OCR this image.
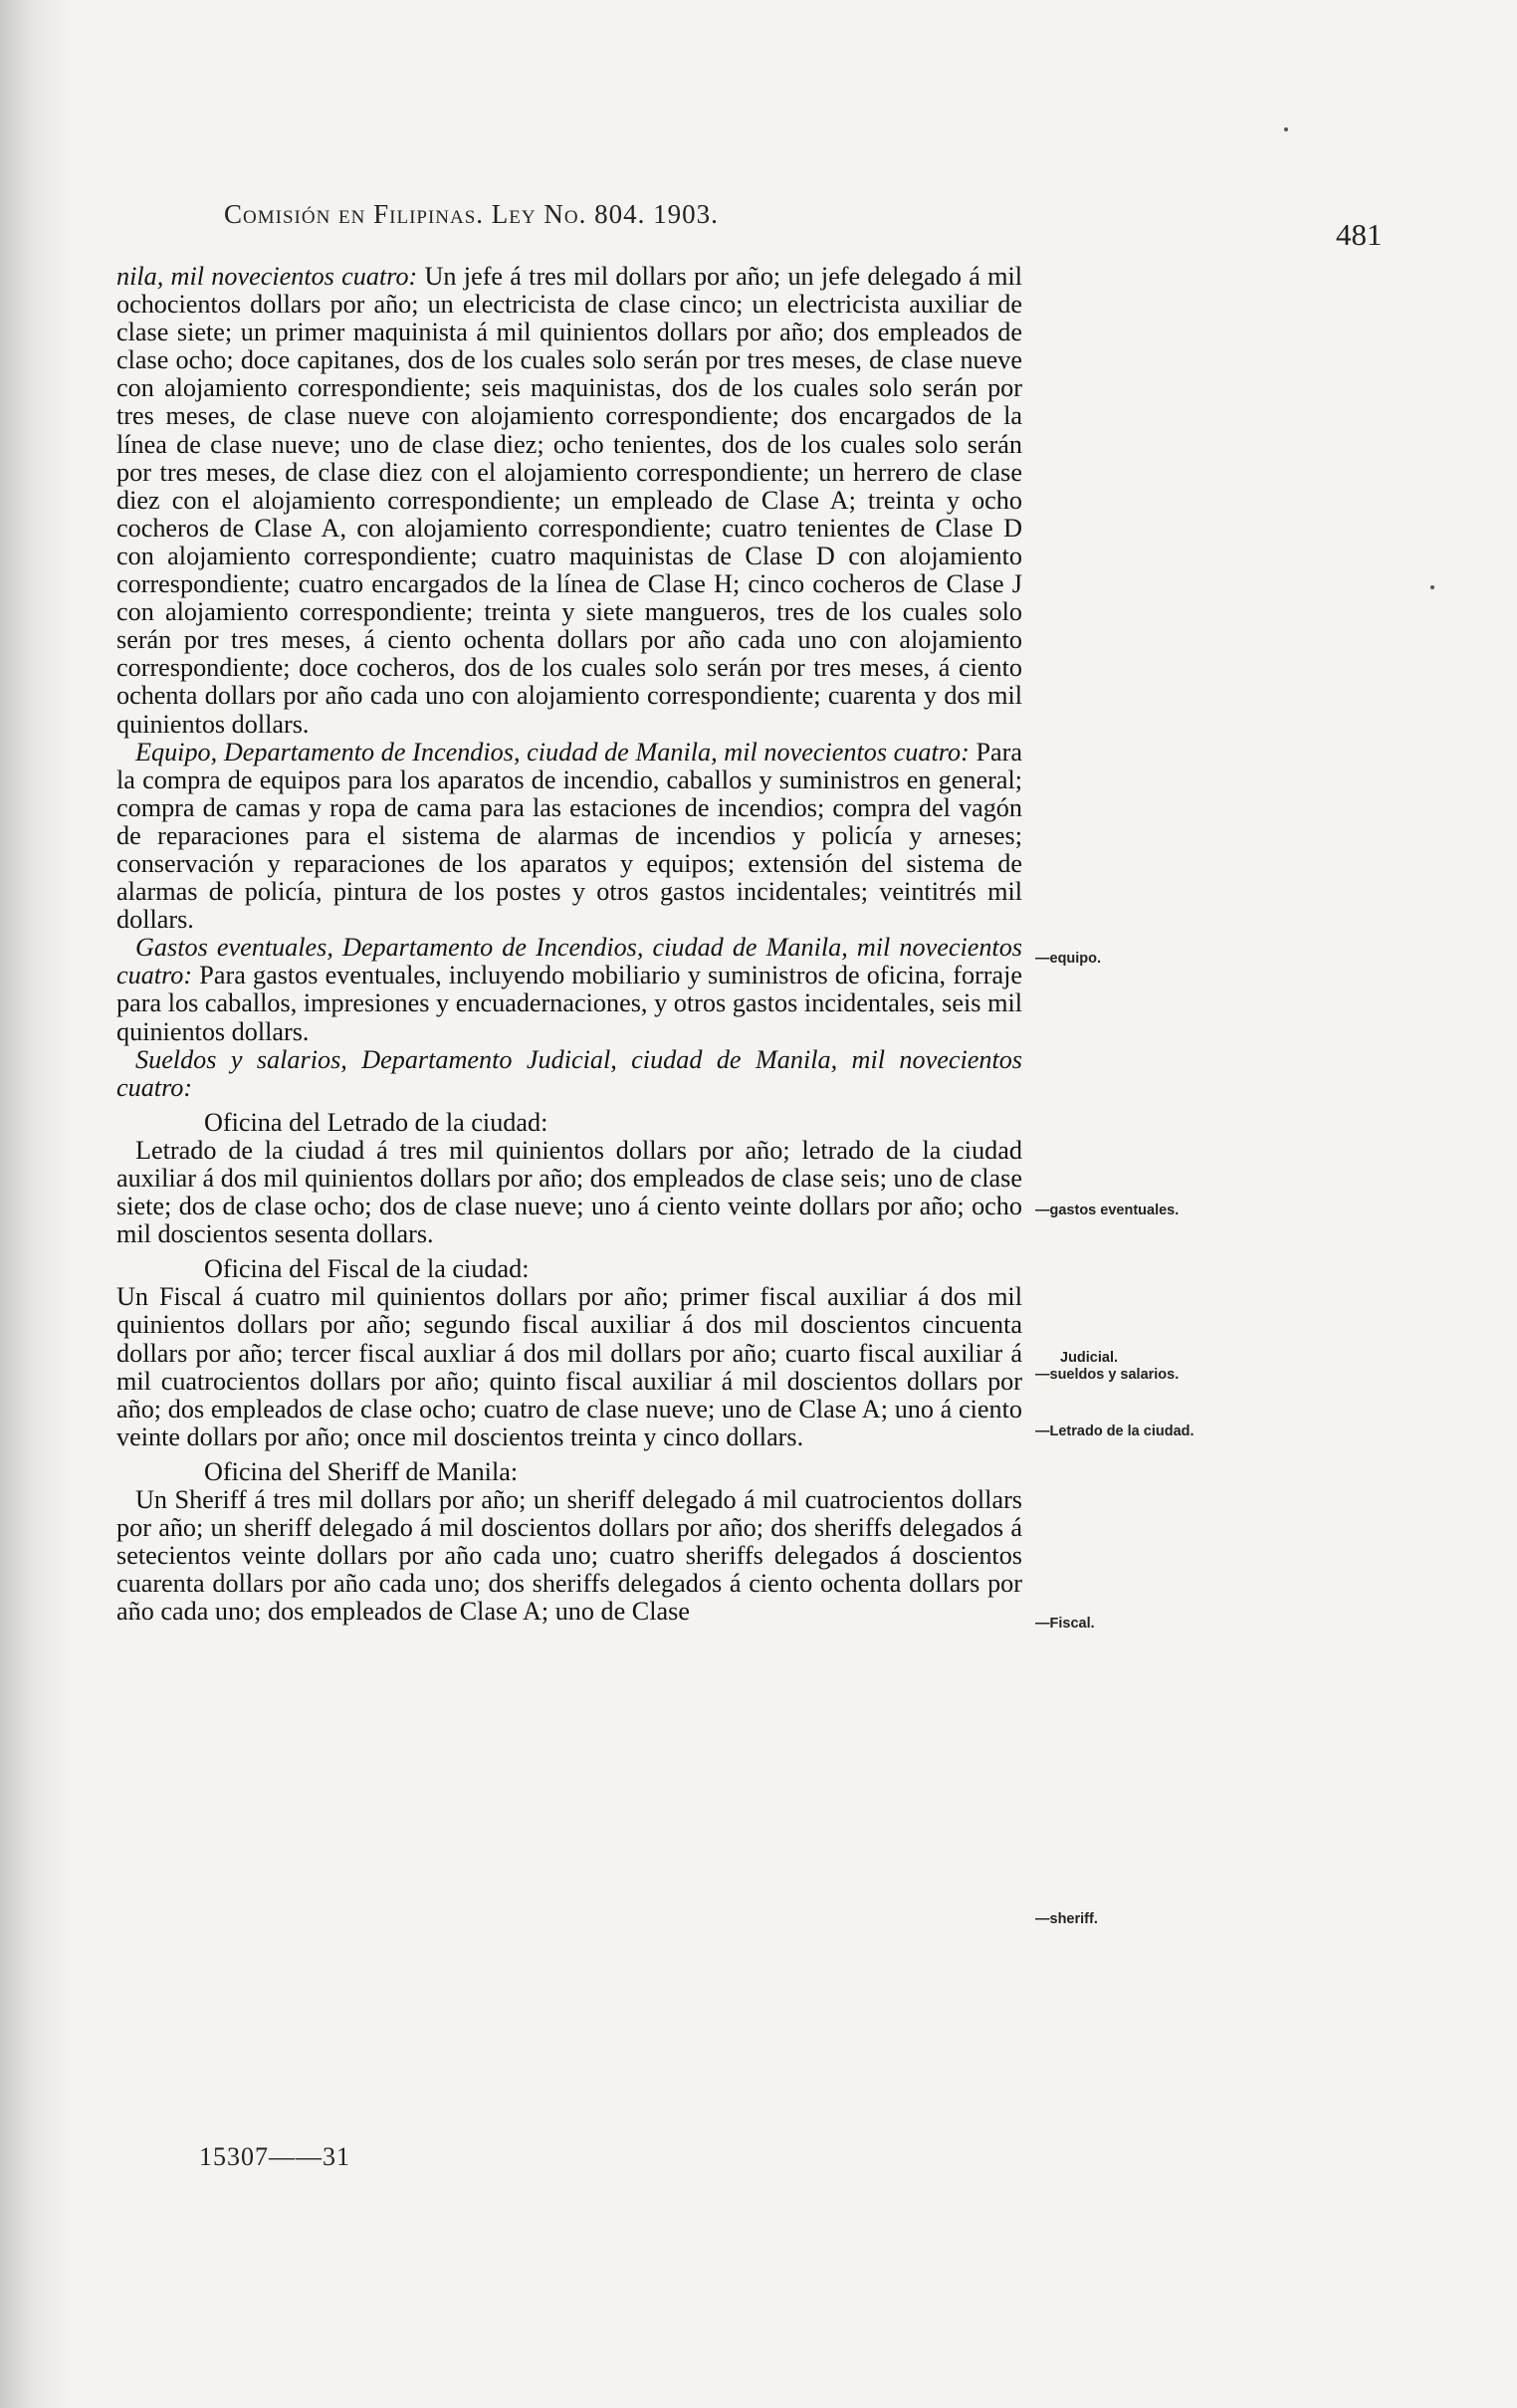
Comisión en Filipinas. Ley No. 804. 1903.
481

nila, mil novecientos cuatro: Un jefe á tres mil dollars por año; un jefe delegado á mil ochocientos dollars por año; un electricista de clase cinco; un electricista auxiliar de clase siete; un primer maquinista á mil quinientos dollars por año; dos empleados de clase ocho; doce capitanes, dos de los cuales solo serán por tres meses, de clase nueve con alojamiento correspondiente; seis maquinistas, dos de los cuales solo serán por tres meses, de clase nueve con alojamiento correspondiente; dos encargados de la línea de clase nueve; uno de clase diez; ocho tenientes, dos de los cuales solo serán por tres meses, de clase diez con el alojamiento correspondiente; un herrero de clase diez con el alojamiento correspondiente; un empleado de Clase A; treinta y ocho cocheros de Clase A, con alojamiento correspondiente; cuatro tenientes de Clase D con alojamiento correspondiente; cuatro maquinistas de Clase D con alojamiento correspondiente; cuatro encargados de la línea de Clase H; cinco cocheros de Clase J con alojamiento correspondiente; treinta y siete mangueros, tres de los cuales solo serán por tres meses, á ciento ochenta dollars por año cada uno con alojamiento correspondiente; doce cocheros, dos de los cuales solo serán por tres meses, á ciento ochenta dollars por año cada uno con alojamiento correspondiente; cuarenta y dos mil quinientos dollars.

Equipo, Departamento de Incendios, ciudad de Manila, mil novecientos cuatro: Para la compra de equipos para los aparatos de incendio, caballos y suministros en general; compra de camas y ropa de cama para las estaciones de incendios; compra del vagón de reparaciones para el sistema de alarmas de incendios y policía y arneses; conservación y reparaciones de los aparatos y equipos; extensión del sistema de alarmas de policía, pintura de los postes y otros gastos incidentales; veintitrés mil dollars.

Gastos eventuales, Departamento de Incendios, ciudad de Manila, mil novecientos cuatro: Para gastos eventuales, incluyendo mobiliario y suministros de oficina, forraje para los caballos, impresiones y encuadernaciones, y otros gastos incidentales, seis mil quinientos dollars.

Sueldos y salarios, Departamento Judicial, ciudad de Manila, mil novecientos cuatro:

Oficina del Letrado de la ciudad:

Letrado de la ciudad á tres mil quinientos dollars por año; letrado de la ciudad auxiliar á dos mil quinientos dollars por año; dos empleados de clase seis; uno de clase siete; dos de clase ocho; dos de clase nueve; uno á ciento veinte dollars por año; ocho mil doscientos sesenta dollars.

Oficina del Fiscal de la ciudad:

Un Fiscal á cuatro mil quinientos dollars por año; primer fiscal auxiliar á dos mil quinientos dollars por año; segundo fiscal auxiliar á dos mil doscientos cincuenta dollars por año; tercer fiscal auxliar á dos mil dollars por año; cuarto fiscal auxiliar á mil cuatrocientos dollars por año; quinto fiscal auxiliar á mil doscientos dollars por año; dos empleados de clase ocho; cuatro de clase nueve; uno de Clase A; uno á ciento veinte dollars por año; once mil doscientos treinta y cinco dollars.

Oficina del Sheriff de Manila:

Un Sheriff á tres mil dollars por año; un sheriff delegado á mil cuatrocientos dollars por año; un sheriff delegado á mil doscientos dollars por año; dos sheriffs delegados á setecientos veinte dollars por año cada uno; cuatro sheriffs delegados á doscientos cuarenta dollars por año cada uno; dos sheriffs delegados á ciento ochenta dollars por año cada uno; dos empleados de Clase A; uno de Clase

—equipo.
—gastos eventuales.
Judicial.
—sueldos y salarios.
—Letrado de la ciudad.
—Fiscal.
—sheriff.
15307——31
